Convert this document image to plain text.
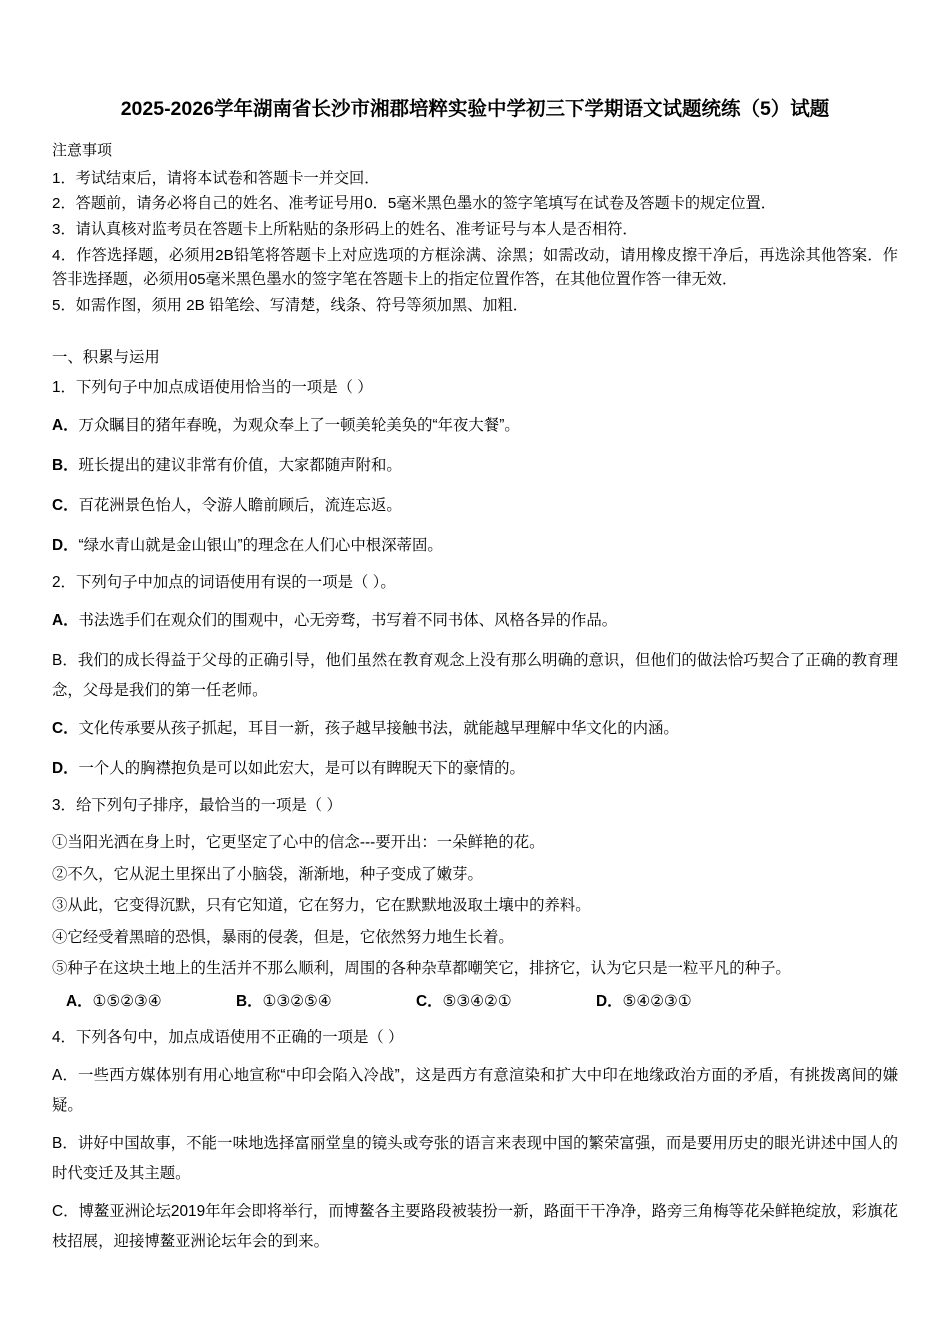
2025-2026学年湖南省长沙市湘郡培粹实验中学初三下学期语文试题统练（5）试题
注意事项

1．考试结束后，请将本试卷和答题卡一并交回．

2．答题前，请务必将自己的姓名、准考证号用0．5毫米黑色墨水的签字笔填写在试卷及答题卡的规定位置．

3．请认真核对监考员在答题卡上所粘贴的条形码上的姓名、准考证号与本人是否相符．

4．作答选择题，必须用2B铅笔将答题卡上对应选项的方框涂满、涂黑；如需改动，请用橡皮擦干净后，再选涂其他答案．作答非选择题，必须用05毫米黑色墨水的签字笔在答题卡上的指定位置作答，在其他位置作答一律无效．

5．如需作图，须用 2B 铅笔绘、写清楚，线条、符号等须加黑、加粗．

一、积累与运用
1．下列句子中加点成语使用恰当的一项是（ ）
A．万众瞩目的猪年春晚，为观众奉上了一顿美轮美奂的“年夜大餐”。
B．班长提出的建议非常有价值，大家都随声附和。
C．百花洲景色怡人，令游人瞻前顾后，流连忘返。
D．“绿水青山就是金山银山”的理念在人们心中根深蒂固。
2．下列句子中加点的词语使用有误的一项是（ ）。
A．书法选手们在观众们的围观中，心无旁骛，书写着不同书体、风格各异的作品。
B．我们的成长得益于父母的正确引导，他们虽然在教育观念上没有那么明确的意识，但他们的做法恰巧契合了正确的教育理念，父母是我们的第一任老师。
C．文化传承要从孩子抓起，耳目一新，孩子越早接触书法，就能越早理解中华文化的内涵。
D．一个人的胸襟抱负是可以如此宏大，是可以有睥睨天下的豪情的。
3．给下列句子排序，最恰当的一项是（ ）
①当阳光洒在身上时，它更坚定了心中的信念---要开出：一朵鲜艳的花。
②不久，它从泥土里探出了小脑袋，渐渐地，种子变成了嫩芽。
③从此，它变得沉默，只有它知道，它在努力，它在默默地汲取土壤中的养料。
④它经受着黑暗的恐惧，暴雨的侵袭，但是，它依然努力地生长着。
⑤种子在这块土地上的生活并不那么顺利，周围的各种杂草都嘲笑它，排挤它，认为它只是一粒平凡的种子。
A．①⑤②③④	B．①③②⑤④	C．⑤③④②①	D．⑤④②③①
4．下列各句中，加点成语使用不正确的一项是（ ）
A．一些西方媒体别有用心地宣称“中印会陷入冷战”，这是西方有意渲染和扩大中印在地缘政治方面的矛盾，有挑拨离间的嫌疑。
B．讲好中国故事，不能一味地选择富丽堂皇的镜头或夸张的语言来表现中国的繁荣富强，而是要用历史的眼光讲述中国人的时代变迁及其主题。
C．博鳌亚洲论坛2019年年会即将举行，而博鳌各主要路段被装扮一新，路面干干净净，路旁三角梅等花朵鲜艳绽放，彩旗花枝招展，迎接博鳌亚洲论坛年会的到来。
